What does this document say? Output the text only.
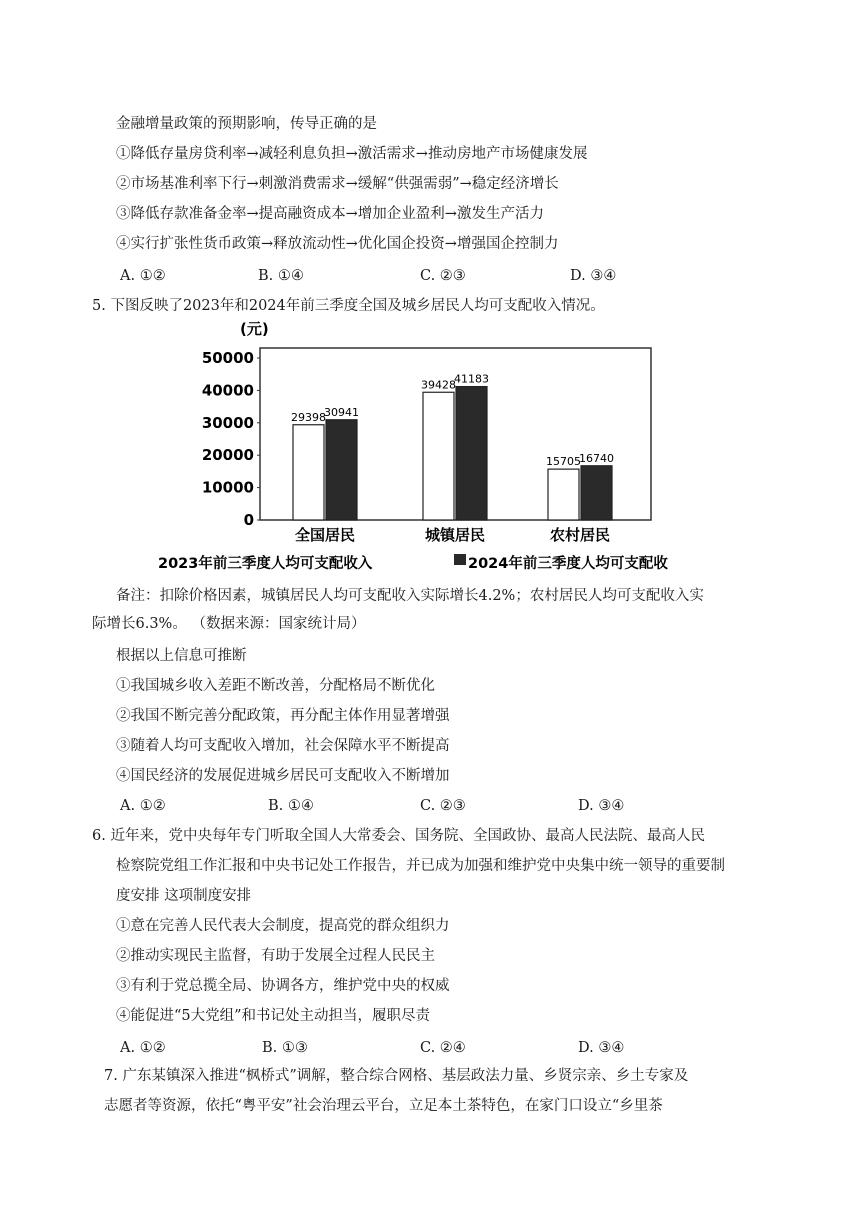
金融增量政策的预期影响，传导正确的是
①降低存量房贷利率→减轻利息负担→激活需求→推动房地产市场健康发展
②市场基准利率下行→刺激消费需求→缓解“供强需弱”→稳定经济增长
③降低存款准备金率→提高融资成本→增加企业盈利→激发生产活力
④实行扩张性货币政策→释放流动性→优化国企投资→增强国企控制力
A. ①②	B. ①④	C. ②③	D. ③④
5. 下图反映了2023年和2024年前三季度全国及城乡居民人均可支配收入情况。
(元)
0
10000
20000
30000
40000
50000
29398
30941
39428
41183
15705
16740
全国居民	城镇居民	农村居民
2023年前三季度人均可支配收入	2024年前三季度人均可支配收
备注：扣除价格因素，城镇居民人均可支配收入实际增长4.2%；农村居民人均可支配收入实
际增长6.3%。 （数据来源：国家统计局）
根据以上信息可推断
①我国城乡收入差距不断改善，分配格局不断优化
②我国不断完善分配政策，再分配主体作用显著增强
③随着人均可支配收入增加，社会保障水平不断提高
④国民经济的发展促进城乡居民可支配收入不断增加
A. ①②	B. ①④	C. ②③	D. ③④
6. 近年来，党中央每年专门听取全国人大常委会、国务院、全国政协、最高人民法院、最高人民
检察院党组工作汇报和中央书记处工作报告，并已成为加强和维护党中央集中统一领导的重要制
度安排 这项制度安排
①意在完善人民代表大会制度，提高党的群众组织力
②推动实现民主监督，有助于发展全过程人民民主
③有利于党总揽全局、协调各方，维护党中央的权威
④能促进“5大党组”和书记处主动担当，履职尽责
A. ①②	B. ①③	C. ②④	D. ③④
7. 广东某镇深入推进“枫桥式”调解，整合综合网格、基层政法力量、乡贤宗亲、乡土专家及
志愿者等资源，依托“粤平安”社会治理云平台，立足本土茶特色，在家门口设立“乡里茶
